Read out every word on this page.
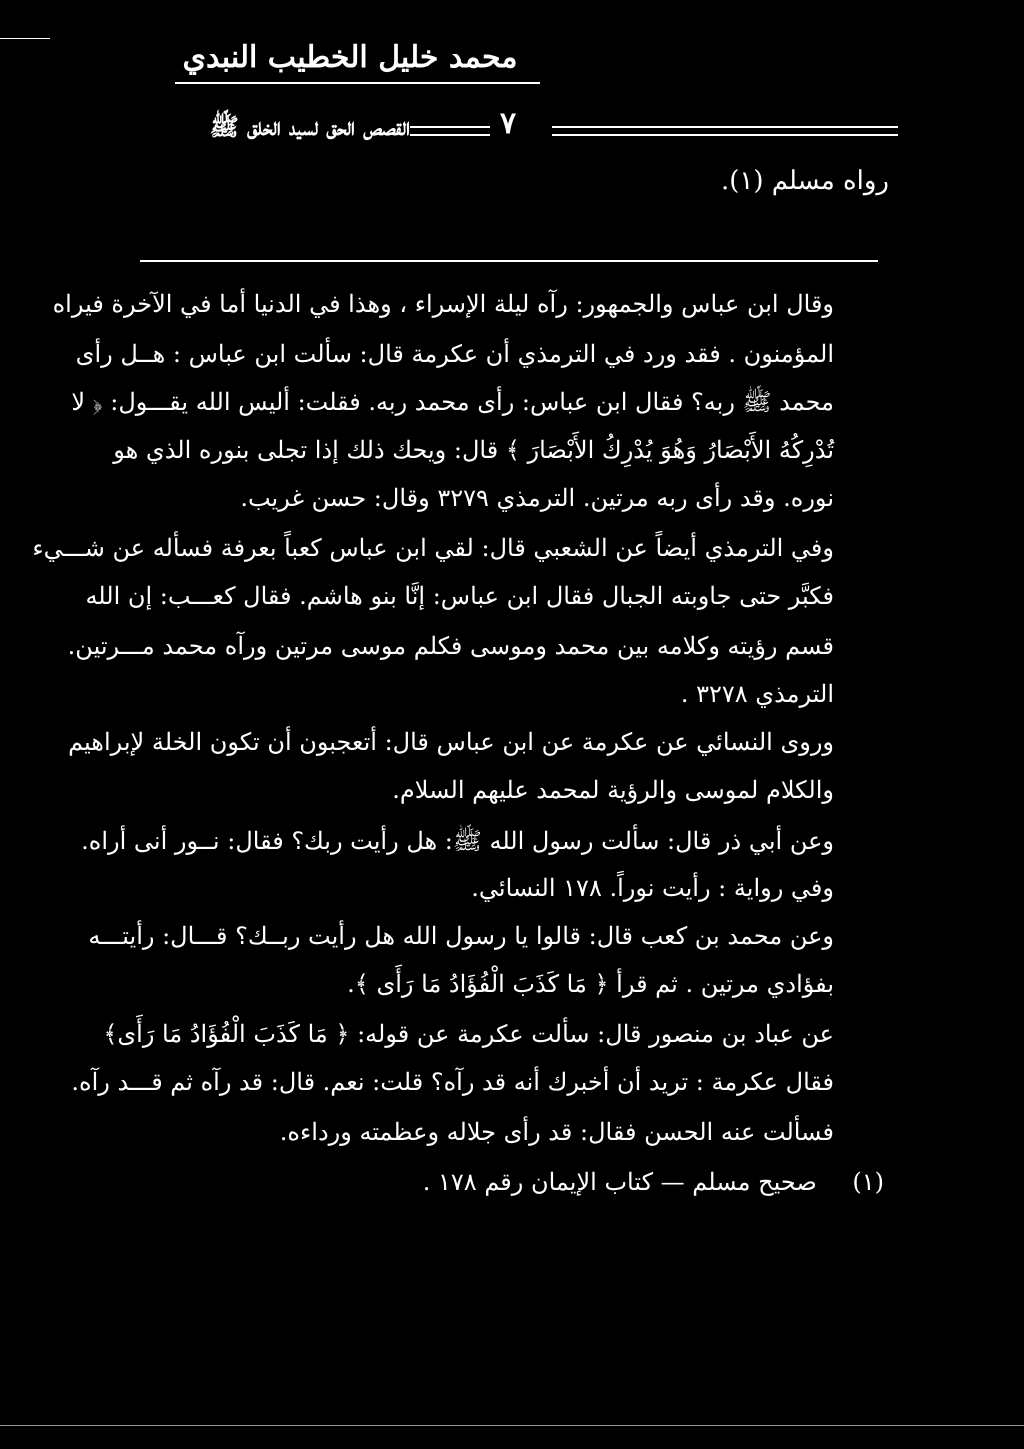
محمد خليل الخطيب النبدي
٧
القصص الحق لسيد الخلق ﷺ
رواه مسلم (١).
وقال ابن عباس والجمهور: رآه ليلة الإسراء ، وهذا في الدنيا أما في الآخرة فيراه
المؤمنون . فقد ورد في الترمذي أن عكرمة قال: سألت ابن عباس : هــل رأى
محمد ﷺ ربه؟ فقال ابن عباس: رأى محمد ربه. فقلت: أليس الله يقـــول: ﴿ لا
تُدْرِكُهُ الأَبْصَارُ وَهُوَ يُدْرِكُ الأَبْصَارَ ﴾ قال: ويحك ذلك إذا تجلى بنوره الذي هو
نوره. وقد رأى ربه مرتين. الترمذي ٣٢٧٩ وقال: حسن غريب.
وفي الترمذي أيضاً عن الشعبي قال: لقي ابن عباس كعباً بعرفة فسأله عن شـــيء
فكبَّر حتى جاوبته الجبال فقال ابن عباس: إنَّا بنو هاشم. فقال كعـــب: إن الله
قسم رؤيته وكلامه بين محمد وموسى فكلم موسى مرتين ورآه محمد مـــرتين.
الترمذي ٣٢٧٨ .
وروى النسائي عن عكرمة عن ابن عباس قال: أتعجبون أن تكون الخلة لإبراهيم
والكلام لموسى والرؤية لمحمد عليهم السلام.
وعن أبي ذر قال: سألت رسول الله ﷺ: هل رأيت ربك؟ فقال: نــور أنى أراه.
وفي رواية : رأيت نوراً. ١٧٨ النسائي.
وعن محمد بن كعب قال: قالوا يا رسول الله هل رأيت ربــك؟ قـــال: رأيتـــه
بفؤادي مرتين . ثم قرأ ﴿ مَا كَذَبَ الْفُؤَادُ مَا رَأَى ﴾.
عن عباد بن منصور قال: سألت عكرمة عن قوله: ﴿ مَا كَذَبَ الْفُؤَادُ مَا رَأَى﴾
فقال عكرمة : تريد أن أخبرك أنه قد رآه؟ قلت: نعم. قال: قد رآه ثم قـــد رآه.
فسألت عنه الحسن فقال: قد رأى جلاله وعظمته ورداءه.
(١) صحيح مسلم — كتاب الإيمان رقم ١٧٨ .
